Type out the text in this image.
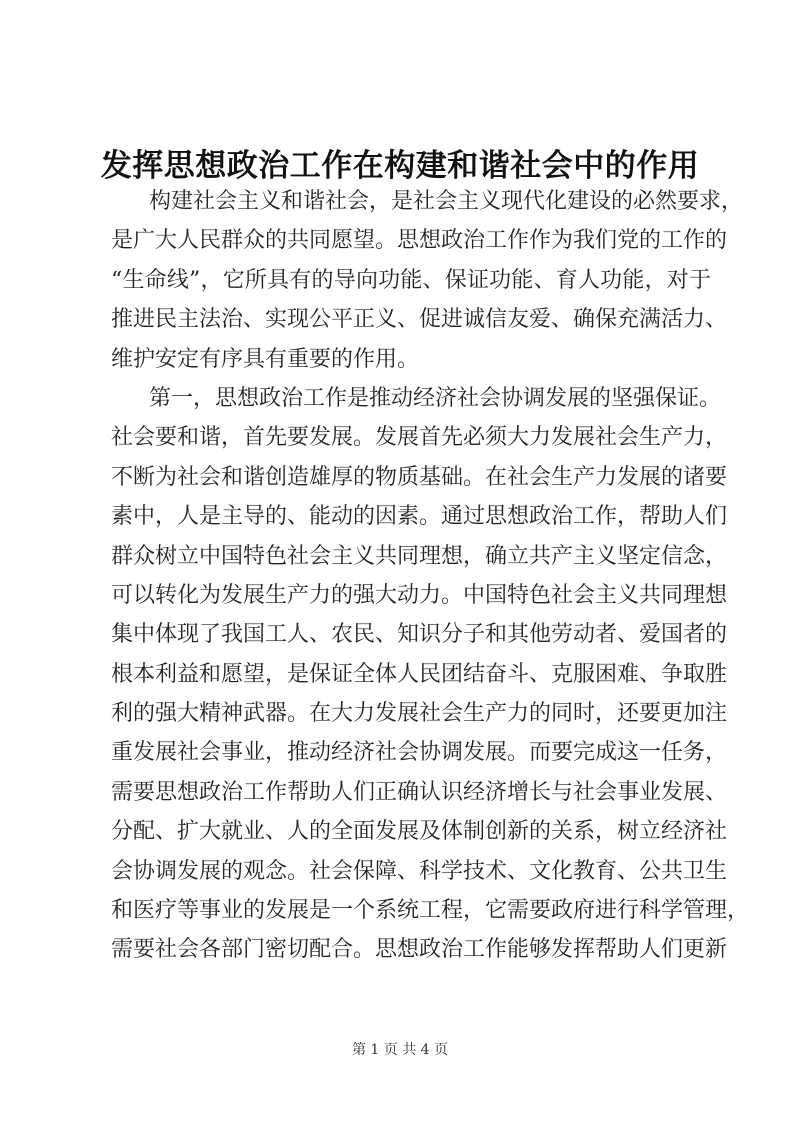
发挥思想政治工作在构建和谐社会中的作用
构建社会主义和谐社会，是社会主义现代化建设的必然要求，
是广大人民群众的共同愿望。思想政治工作作为我们党的工作的
“生命线”，它所具有的导向功能、保证功能、育人功能，对于
推进民主法治、实现公平正义、促进诚信友爱、确保充满活力、
维护安定有序具有重要的作用。
第一，思想政治工作是推动经济社会协调发展的坚强保证。
社会要和谐，首先要发展。发展首先必须大力发展社会生产力，
不断为社会和谐创造雄厚的物质基础。在社会生产力发展的诸要
素中，人是主导的、能动的因素。通过思想政治工作，帮助人们
群众树立中国特色社会主义共同理想，确立共产主义坚定信念，
可以转化为发展生产力的强大动力。中国特色社会主义共同理想
集中体现了我国工人、农民、知识分子和其他劳动者、爱国者的
根本利益和愿望，是保证全体人民团结奋斗、克服困难、争取胜
利的强大精神武器。在大力发展社会生产力的同时，还要更加注
重发展社会事业，推动经济社会协调发展。而要完成这一任务，
需要思想政治工作帮助人们正确认识经济增长与社会事业发展、
分配、扩大就业、人的全面发展及体制创新的关系，树立经济社
会协调发展的观念。社会保障、科学技术、文化教育、公共卫生
和医疗等事业的发展是一个系统工程，它需要政府进行科学管理，
需要社会各部门密切配合。思想政治工作能够发挥帮助人们更新
第 1 页 共 4 页
